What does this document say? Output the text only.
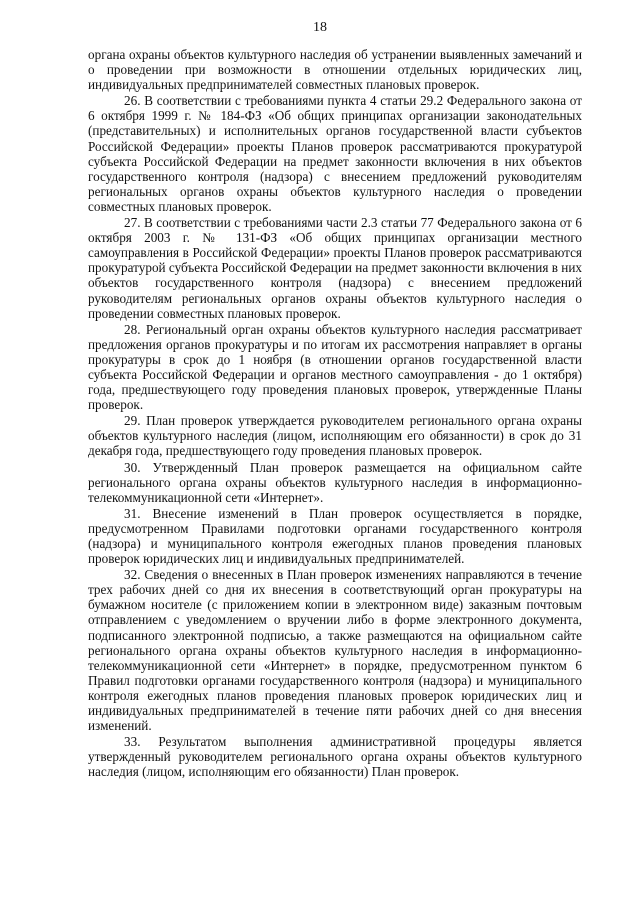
18

органа охраны объектов культурного наследия об устранении выявленных замечаний и о проведении при возможности в отношении отдельных юридических лиц, индивидуальных предпринимателей совместных плановых проверок.

26. В соответствии с требованиями пункта 4 статьи 29.2 Федерального закона от 6 октября 1999 г. № 184-ФЗ «Об общих принципах организации законодательных (представительных) и исполнительных органов государственной власти субъектов Российской Федерации» проекты Планов проверок рассматриваются прокуратурой субъекта Российской Федерации на предмет законности включения в них объектов государственного контроля (надзора) с внесением предложений руководителям региональных органов охраны объектов культурного наследия о проведении совместных плановых проверок.

27. В соответствии с требованиями части 2.3 статьи 77 Федерального закона от 6 октября 2003 г. № 131-ФЗ «Об общих принципах организации местного самоуправления в Российской Федерации» проекты Планов проверок рассматриваются прокуратурой субъекта Российской Федерации на предмет законности включения в них объектов государственного контроля (надзора) с внесением предложений руководителям региональных органов охраны объектов культурного наследия о проведении совместных плановых проверок.

28. Региональный орган охраны объектов культурного наследия рассматривает предложения органов прокуратуры и по итогам их рассмотрения направляет в органы прокуратуры в срок до 1 ноября (в отношении органов государственной власти субъекта Российской Федерации и органов местного самоуправления - до 1 октября) года, предшествующего году проведения плановых проверок, утвержденные Планы проверок.

29. План проверок утверждается руководителем регионального органа охраны объектов культурного наследия (лицом, исполняющим его обязанности) в срок до 31 декабря года, предшествующего году проведения плановых проверок.

30. Утвержденный План проверок размещается на официальном сайте регионального органа охраны объектов культурного наследия в информационно-телекоммуникационной сети «Интернет».

31. Внесение изменений в План проверок осуществляется в порядке, предусмотренном Правилами подготовки органами государственного контроля (надзора) и муниципального контроля ежегодных планов проведения плановых проверок юридических лиц и индивидуальных предпринимателей.

32. Сведения о внесенных в План проверок изменениях направляются в течение трех рабочих дней со дня их внесения в соответствующий орган прокуратуры на бумажном носителе (с приложением копии в электронном виде) заказным почтовым отправлением с уведомлением о вручении либо в форме электронного документа, подписанного электронной подписью, а также размещаются на официальном сайте регионального органа охраны объектов культурного наследия в информационно-телекоммуникационной сети «Интернет» в порядке, предусмотренном пунктом 6 Правил подготовки органами государственного контроля (надзора) и муниципального контроля ежегодных планов проведения плановых проверок юридических лиц и индивидуальных предпринимателей в течение пяти рабочих дней со дня внесения изменений.

33. Результатом выполнения административной процедуры является утвержденный руководителем регионального органа охраны объектов культурного наследия (лицом, исполняющим его обязанности) План проверок.
